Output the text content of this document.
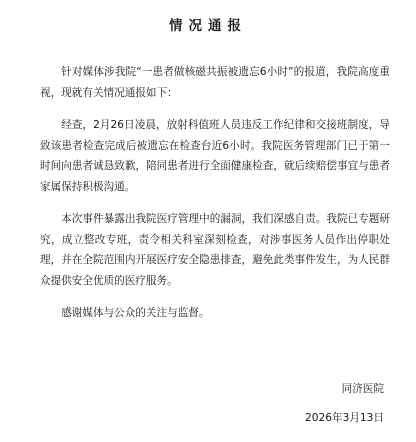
情况通报

针对媒体涉我院“一患者做核磁共振被遗忘6小时”的报道，我院高度重视，现就有关情况通报如下：

经查，2月26日凌晨，放射科值班人员违反工作纪律和交接班制度，导致该患者检查完成后被遗忘在检查台近6小时。我院医务管理部门已于第一时间向患者诚恳致歉，陪同患者进行全面健康检查，就后续赔偿事宜与患者家属保持积极沟通。

本次事件暴露出我院医疗管理中的漏洞，我们深感自责。我院已专题研究，成立整改专班，责令相关科室深刻检查，对涉事医务人员作出停职处理，并在全院范围内开展医疗安全隐患排查，避免此类事件发生，为人民群众提供安全优质的医疗服务。

感谢媒体与公众的关注与监督。

同济医院
2026年3月13日
